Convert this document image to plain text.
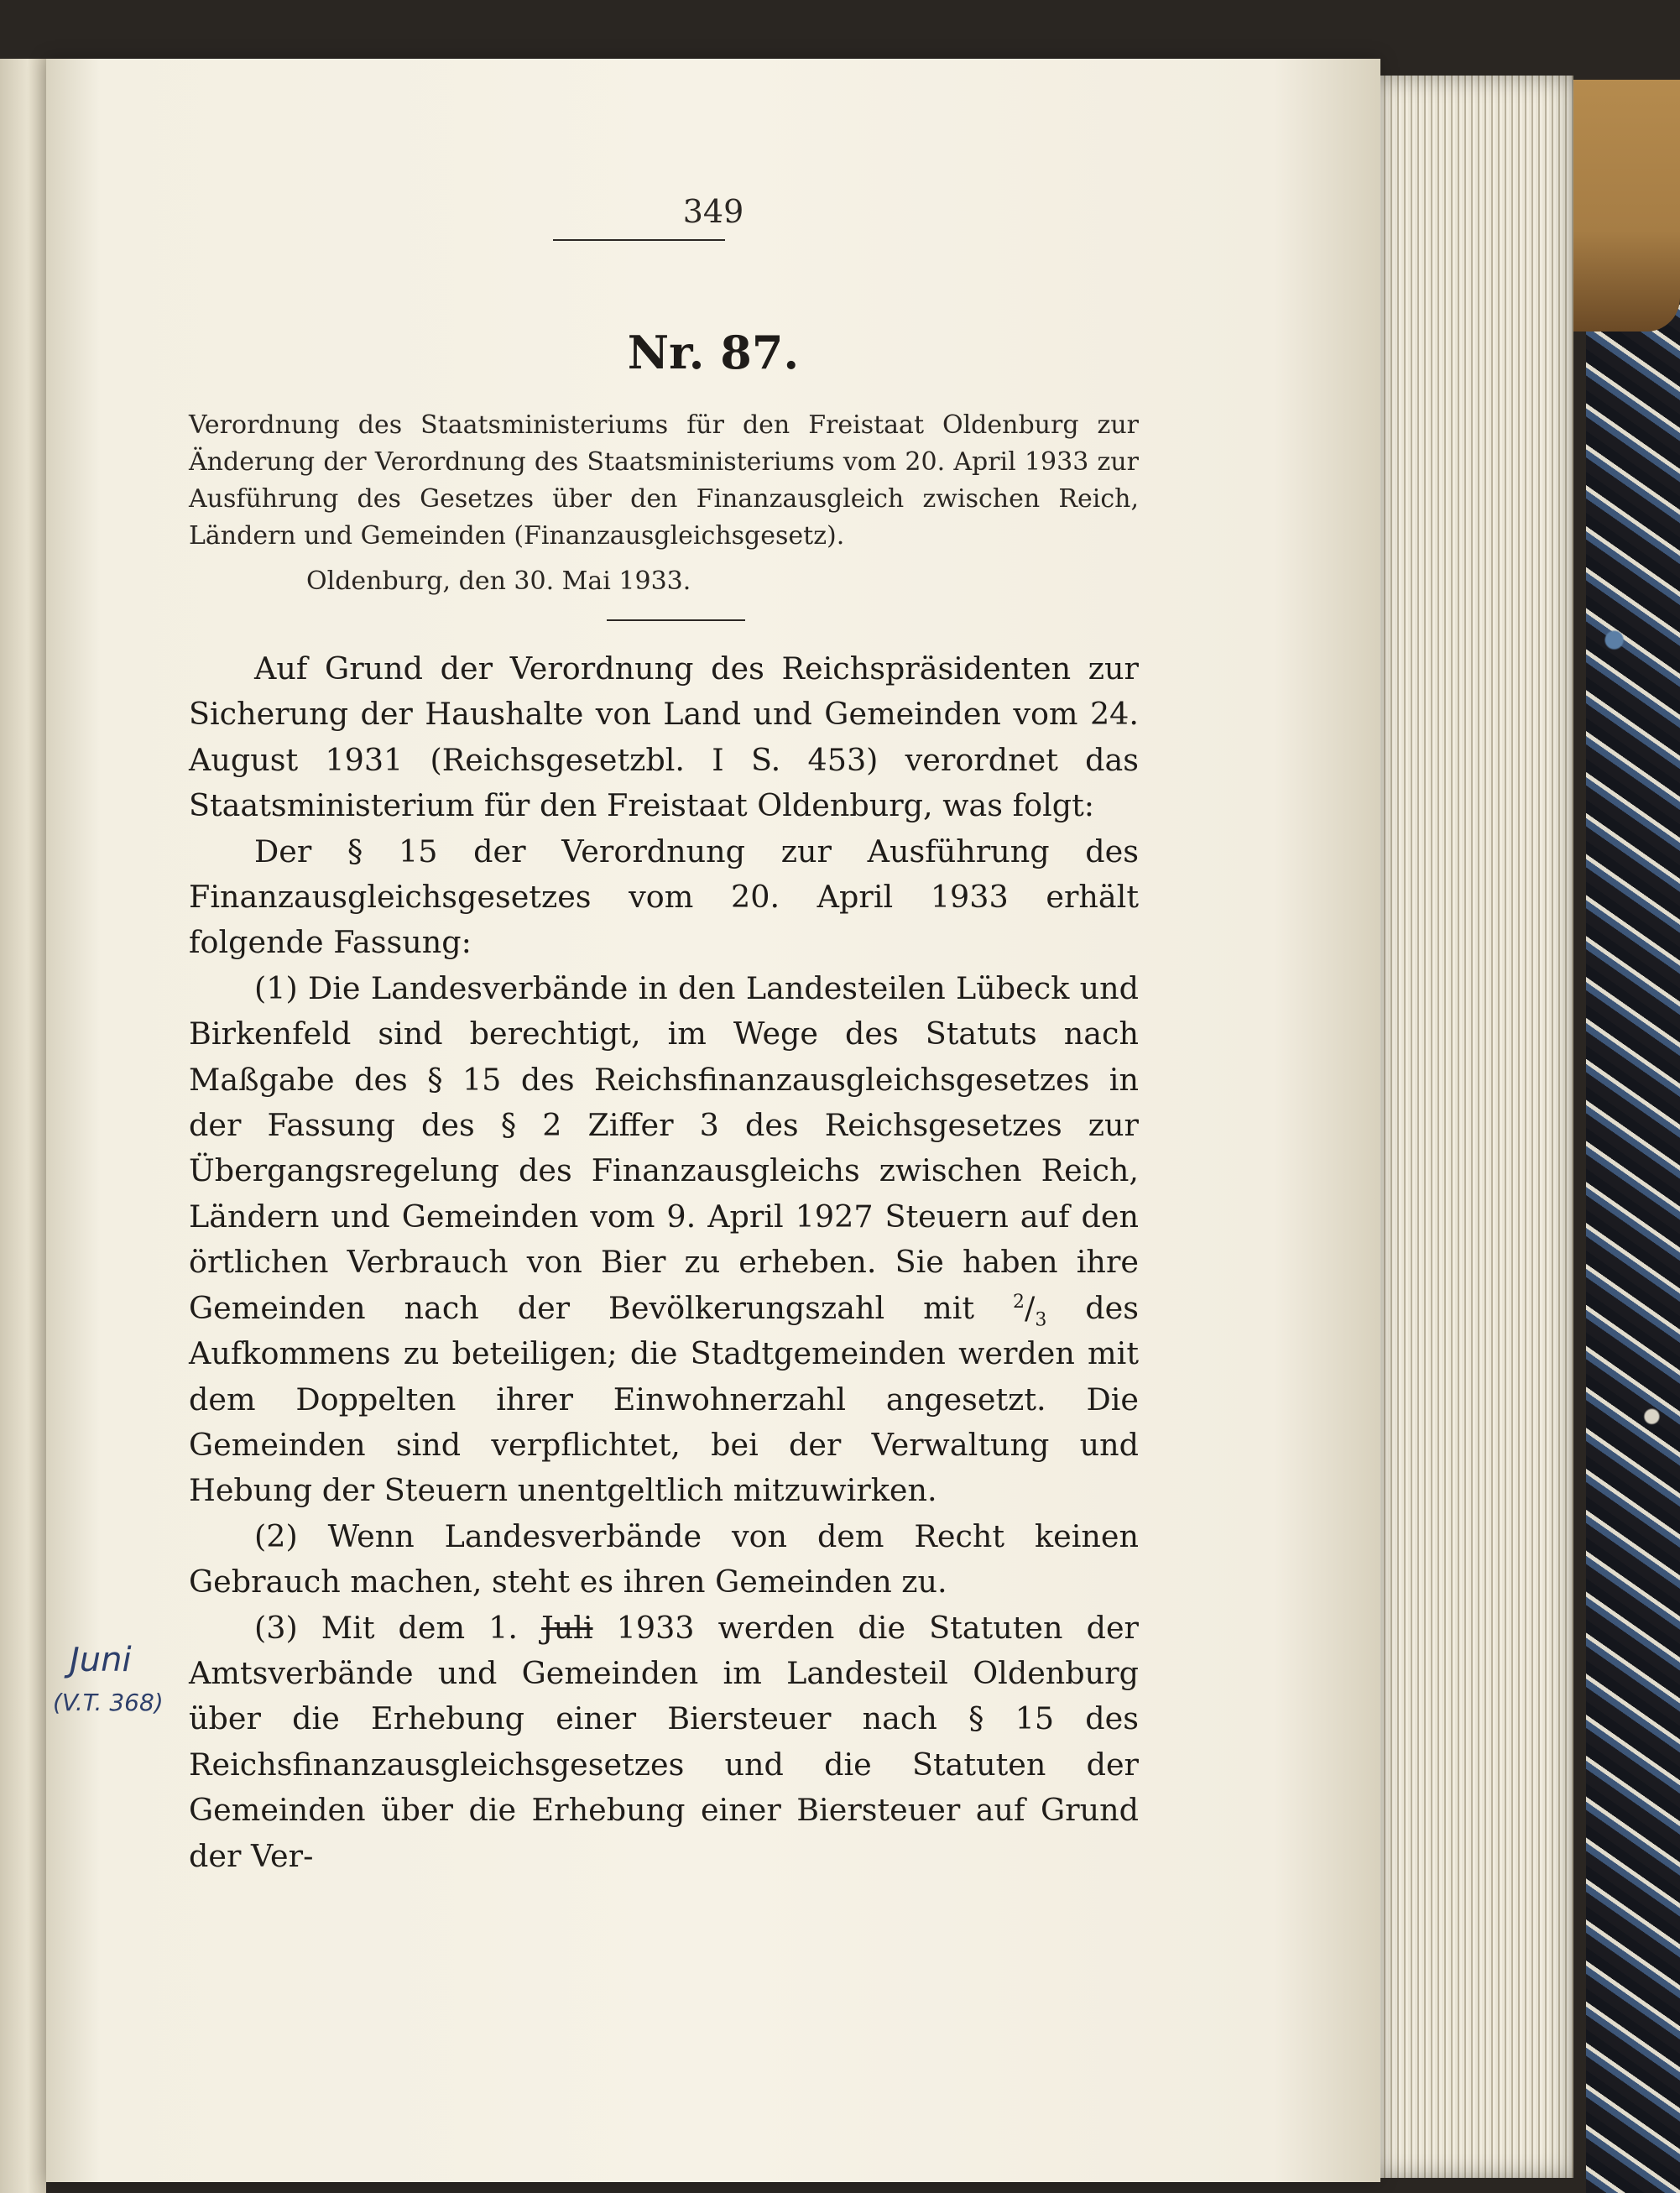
349
Nr. 87.
Verordnung des Staatsministeriums für den Freistaat Oldenburg zur Änderung der Verordnung des Staatsministeriums vom 20. April 1933 zur Ausführung des Gesetzes über den Finanzausgleich zwischen Reich, Ländern und Gemeinden (Finanzausgleichsgesetz).
Oldenburg, den 30. Mai 1933.

Auf Grund der Verordnung des Reichspräsidenten zur Sicherung der Haushalte von Land und Gemeinden vom 24. August 1931 (Reichsgesetzbl. I S. 453) verordnet das Staatsministerium für den Freistaat Oldenburg, was folgt:

Der § 15 der Verordnung zur Ausführung des Finanzausgleichsgesetzes vom 20. April 1933 erhält folgende Fassung:

(1) Die Landesverbände in den Landesteilen Lübeck und Birkenfeld sind berechtigt, im Wege des Statuts nach Maßgabe des § 15 des Reichsfinanzausgleichsgesetzes in der Fassung des § 2 Ziffer 3 des Reichsgesetzes zur Übergangsregelung des Finanzausgleichs zwischen Reich, Ländern und Gemeinden vom 9. April 1927 Steuern auf den örtlichen Verbrauch von Bier zu erheben. Sie haben ihre Gemeinden nach der Bevölkerungszahl mit $^2/_3$ des Aufkommens zu beteiligen; die Stadtgemeinden werden mit dem Doppelten ihrer Einwohnerzahl angesetzt. Die Gemeinden sind verpflichtet, bei der Verwaltung und Hebung der Steuern unentgeltlich mitzuwirken.

(2) Wenn Landesverbände von dem Recht keinen Gebrauch machen, steht es ihren Gemeinden zu.

(3) Mit dem 1. Juli 1933 werden die Statuten der Amtsverbände und Gemeinden im Landesteil Oldenburg über die Erhebung einer Biersteuer nach § 15 des Reichsfinanzausgleichsgesetzes und die Statuten der Gemeinden über die Erhebung einer Biersteuer auf Grund der Ver-

Juni
(V.T. 368)
